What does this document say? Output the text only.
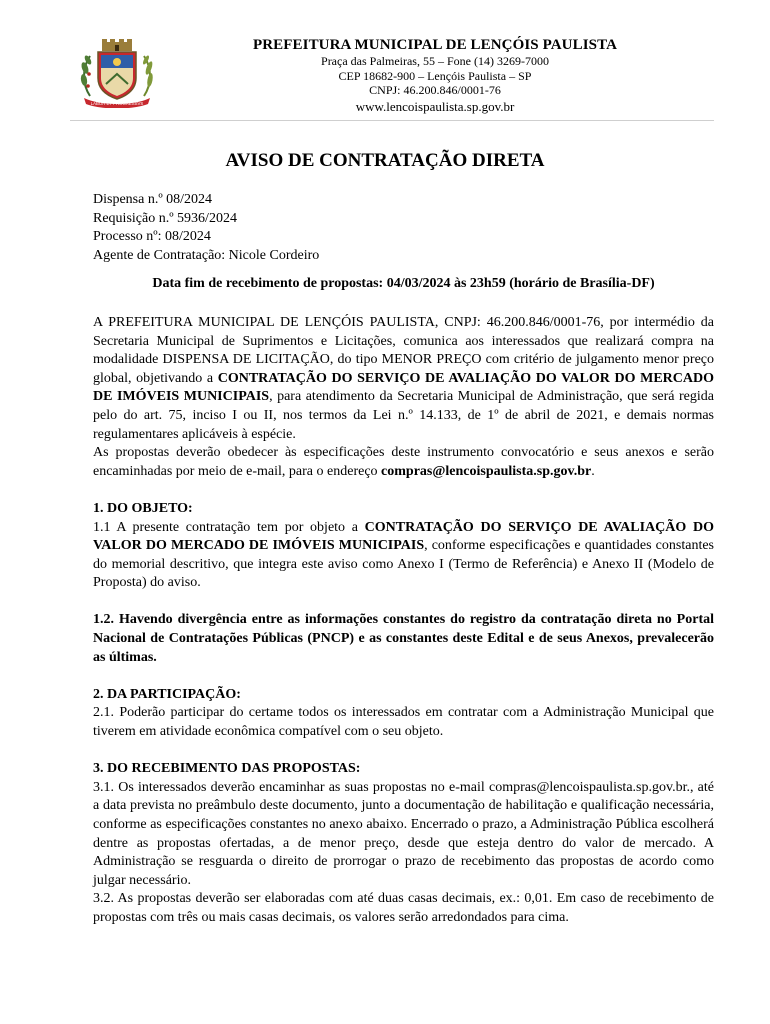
LABOR ET PROGRESSVS
PREFEITURA MUNICIPAL DE LENÇÓIS PAULISTA
Praça das Palmeiras, 55 – Fone (14) 3269-7000
CEP 18682-900 – Lençóis Paulista – SP
CNPJ: 46.200.846/0001-76
www.lencoispaulista.sp.gov.br
AVISO DE CONTRATAÇÃO DIRETA

Dispensa n.º 08/2024

Requisição n.º 5936/2024

Processo nº: 08/2024

Agente de Contratação: Nicole Cordeiro

Data fim de recebimento de propostas: 04/03/2024 às 23h59 (horário de Brasília-DF)

A PREFEITURA MUNICIPAL DE LENÇÓIS PAULISTA, CNPJ: 46.200.846/0001-76, por intermédio da Secretaria Municipal de Suprimentos e Licitações, comunica aos interessados que realizará compra na modalidade DISPENSA DE LICITAÇÃO, do tipo MENOR PREÇO com critério de julgamento menor preço global, objetivando a CONTRATAÇÃO DO SERVIÇO DE AVALIAÇÃO DO VALOR DO MERCADO DE IMÓVEIS MUNICIPAIS, para atendimento da Secretaria Municipal de Administração, que será regida pelo do art. 75, inciso I ou II, nos termos da Lei n.º 14.133, de 1º de abril de 2021, e demais normas regulamentares aplicáveis à espécie.

As propostas deverão obedecer às especificações deste instrumento convocatório e seus anexos e serão encaminhadas por meio de e-mail, para o endereço compras@lencoispaulista.sp.gov.br.

1. DO OBJETO:

1.1 A presente contratação tem por objeto a CONTRATAÇÃO DO SERVIÇO DE AVALIAÇÃO DO VALOR DO MERCADO DE IMÓVEIS MUNICIPAIS, conforme especificações e quantidades constantes do memorial descritivo, que integra este aviso como Anexo I (Termo de Referência) e Anexo II (Modelo de Proposta) do aviso.

1.2. Havendo divergência entre as informações constantes do registro da contratação direta no Portal Nacional de Contratações Públicas (PNCP) e as constantes deste Edital e de seus Anexos, prevalecerão as últimas.

2. DA PARTICIPAÇÃO:

2.1. Poderão participar do certame todos os interessados em contratar com a Administração Municipal que tiverem em atividade econômica compatível com o seu objeto.

3. DO RECEBIMENTO DAS PROPOSTAS:

3.1. Os interessados deverão encaminhar as suas propostas no e-mail compras@lencoispaulista.sp.gov.br., até a data prevista no preâmbulo deste documento, junto a documentação de habilitação e qualificação necessária, conforme as especificações constantes no anexo abaixo. Encerrado o prazo, a Administração Pública escolherá dentre as propostas ofertadas, a de menor preço, desde que esteja dentro do valor de mercado. A Administração se resguarda o direito de prorrogar o prazo de recebimento das propostas de acordo como julgar necessário.

3.2. As propostas deverão ser elaboradas com até duas casas decimais, ex.: 0,01. Em caso de recebimento de propostas com três ou mais casas decimais, os valores serão arredondados para cima.
